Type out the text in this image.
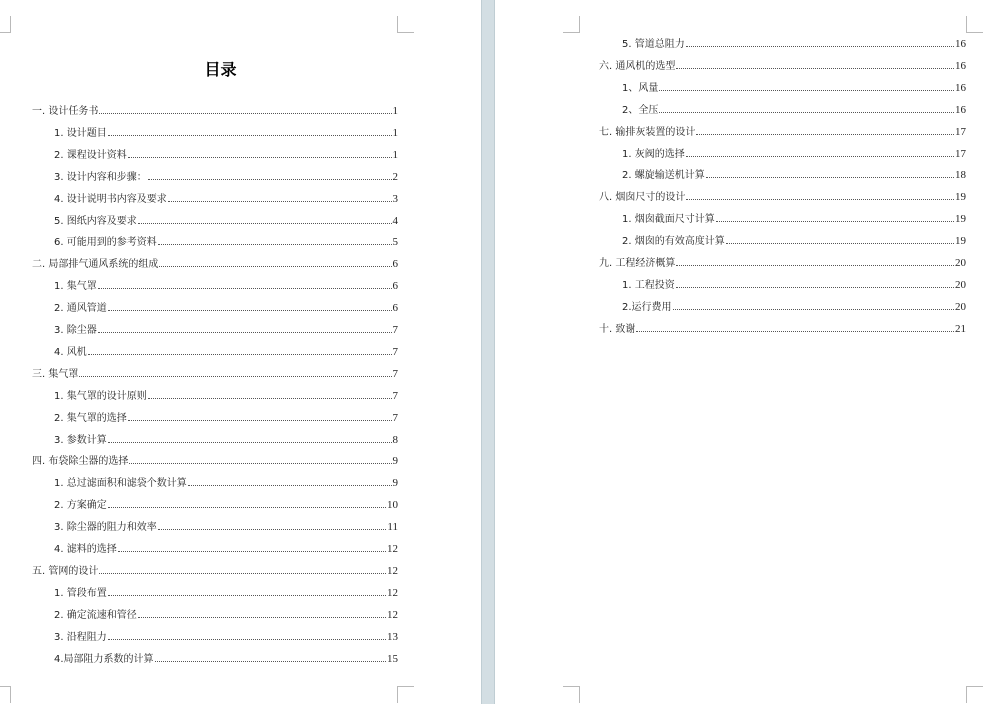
目录
一. 设计任务书	1
1. 设计题目	1
2. 课程设计资料	1
3. 设计内容和步骤：	2
4. 设计说明书内容及要求	3
5. 图纸内容及要求	4
6. 可能用到的参考资料	5
二. 局部排气通风系统的组成	6
1. 集气罩	6
2. 通风管道	6
3. 除尘器	7
4. 风机	7
三. 集气罩	7
1. 集气罩的设计原则	7
2. 集气罩的选择	7
3. 参数计算	8
四. 布袋除尘器的选择	9
1. 总过滤面积和滤袋个数计算	9
2. 方案确定	10
3. 除尘器的阻力和效率	11
4. 滤料的选择	12
五. 管网的设计	12
1. 管段布置	12
2. 确定流速和管径	12
3. 沿程阻力	13
4.局部阻力系数的计算	15
5. 管道总阻力	16
六. 通风机的选型	16
1、风量	16
2、全压	16
七. 输排灰装置的设计	17
1. 灰阀的选择	17
2. 螺旋输送机计算	18
八. 烟囱尺寸的设计	19
1. 烟囱截面尺寸计算	19
2. 烟囱的有效高度计算	19
九. 工程经济概算	20
1. 工程投资	20
2.运行费用	20
十. 致谢	21
